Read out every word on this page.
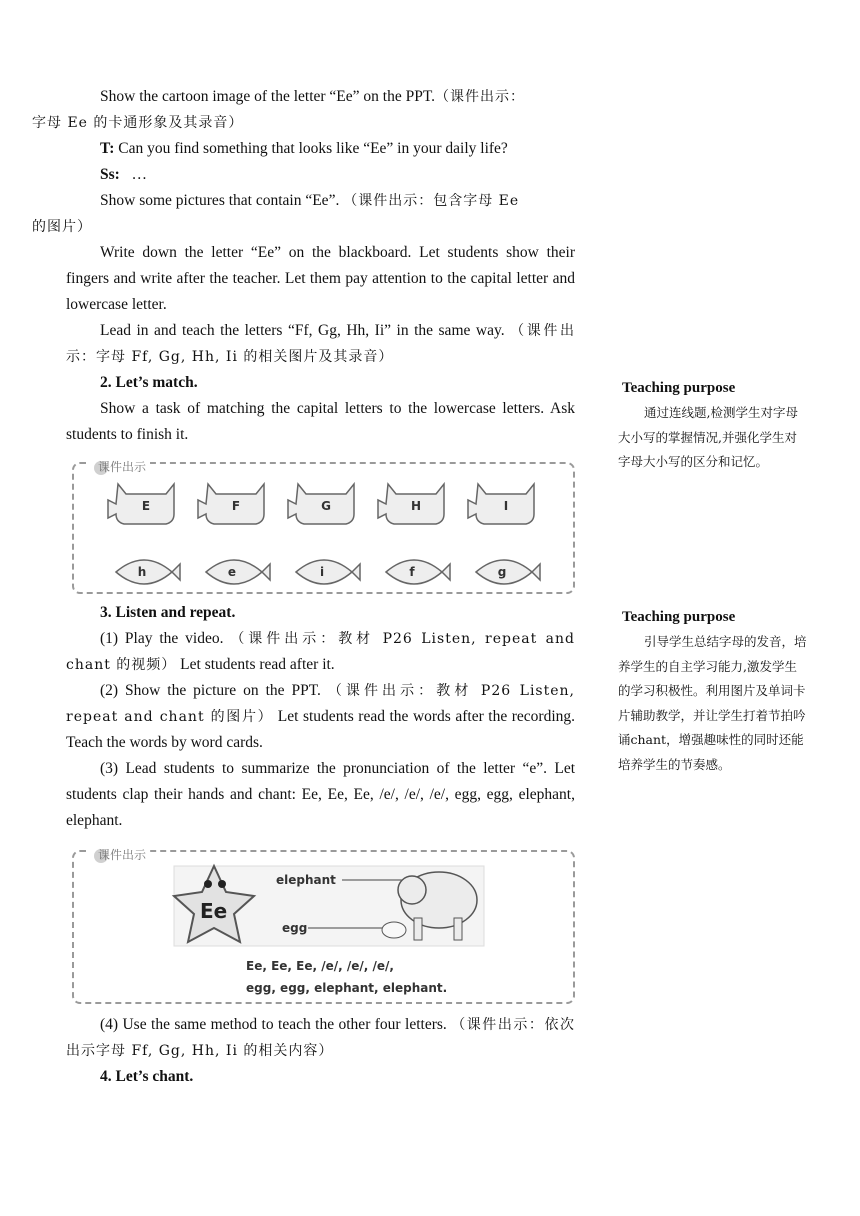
Show the cartoon image of the letter “Ee” on the PPT.（课件出示：
字母 Ee 的卡通形象及其录音）

T: Can you find something that looks like “Ee” in your daily life?

Ss: …

Show some pictures that contain “Ee”. （课件出示：包含字母 Ee
的图片）

Write down the letter “Ee” on the blackboard. Let students show their fingers and write after the teacher. Let them pay attention to the capital letter and lowercase letter.

Lead in and teach the letters “Ff, Gg, Hh, Ii” in the same way. （课件出示：字母 Ff, Gg, Hh, Ii 的相关图片及其录音）

2. Let’s match.

Show a task of matching the capital letters to the lowercase letters. Ask students to finish it.

课件出示
E	F	G	H	I
h	e	i	f	g

3. Listen and repeat.

(1) Play the video. （课件出示：教材 P26 Listen, repeat and chant 的视频） Let students read after it.

(2) Show the picture on the PPT. （课件出示：教材 P26 Listen, repeat and chant 的图片） Let students read the words after the recording. Teach the words by word cards.

(3) Lead students to summarize the pronunciation of the letter “e”. Let students clap their hands and chant: Ee, Ee, Ee, /e/, /e/, /e/, egg, egg, elephant, elephant.

课件出示
Ee
elephant
egg
Ee, Ee, Ee, /e/, /e/, /e/,
egg, egg, elephant, elephant.

(4) Use the same method to teach the other four letters. （课件出示：依次出示字母 Ff, Gg, Hh, Ii 的相关内容）

4. Let’s chant.

Teaching purpose

通过连线题,检测学生对字母大小写的掌握情况,并强化学生对字母大小写的区分和记忆。

Teaching purpose

引导学生总结字母的发音，培养学生的自主学习能力,激发学生的学习积极性。利用图片及单词卡片辅助教学，并让学生打着节拍吟诵chant，增强趣味性的同时还能培养学生的节奏感。
